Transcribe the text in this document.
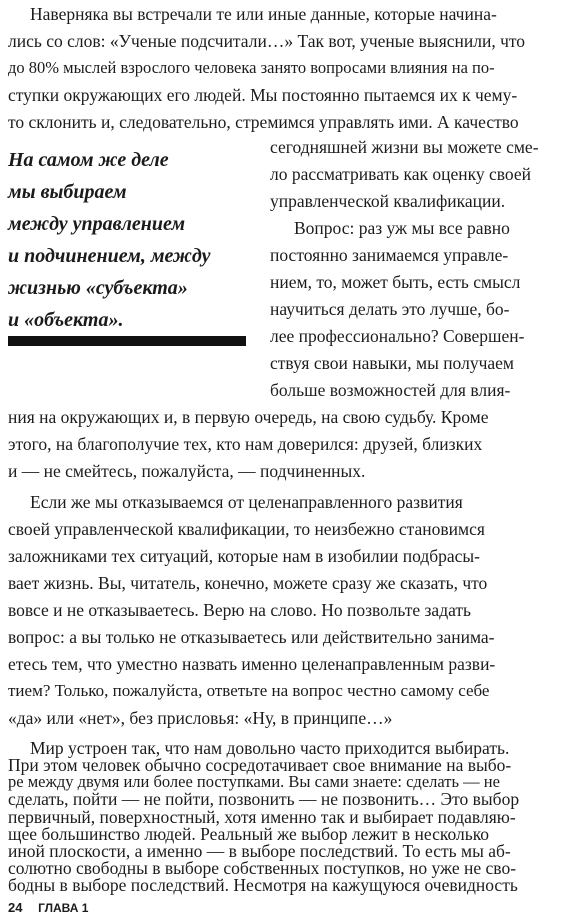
Наверняка вы встречали те или иные данные, которые начина-
лись со слов: «Ученые подсчитали…» Так вот, ученые выяснили, что
до 80% мыслей взрослого человека занято вопросами влияния на по-
ступки окружающих его людей. Мы постоянно пытаемся их к чему-
то склонить и, следовательно, стремимся управлять ими. А качество
сегодняшней жизни вы можете сме-
ло рассматривать как оценку своей
управленческой квалификации.
Вопрос: раз уж мы все равно
постоянно занимаемся управле-
нием, то, может быть, есть смысл
научиться делать это лучше, бо-
лее профессионально? Совершен-
ствуя свои навыки, мы получаем
больше возможностей для влия-
На самом же деле
мы выбираем
между управлением
и подчинением, между
жизнью «субъекта»
и «объекта».
ния на окружающих и, в первую очередь, на свою судьбу. Кроме
этого, на благополучие тех, кто нам доверился: друзей, близких
и — не смейтесь, пожалуйста, — подчиненных.
Если же мы отказываемся от целенаправленного развития
своей управленческой квалификации, то неизбежно становимся
заложниками тех ситуаций, которые нам в изобилии подбрасы-
вает жизнь. Вы, читатель, конечно, можете сразу же сказать, что
вовсе и не отказываетесь. Верю на слово. Но позвольте задать
вопрос: а вы только не отказываетесь или действительно занима-
етесь тем, что уместно назвать именно целенаправленным разви-
тием? Только, пожалуйста, ответьте на вопрос честно самому себе
«да» или «нет», без присловья: «Ну, в принципе…»
Мир устроен так, что нам довольно часто приходится выбирать.
При этом человек обычно сосредотачивает свое внимание на выбо-
ре между двумя или более поступками. Вы сами знаете: сделать — не
сделать, пойти — не пойти, позвонить — не позвонить… Это выбор
первичный, поверхностный, хотя именно так и выбирает подавляю-
щее большинство людей. Реальный же выбор лежит в несколько
иной плоскости, а именно — в выборе последствий. То есть мы аб-
24 ГЛАВА 1
солютно свободны в выборе собственных поступков, но уже не сво-
бодны в выборе последствий. Несмотря на кажущуюся очевидность
